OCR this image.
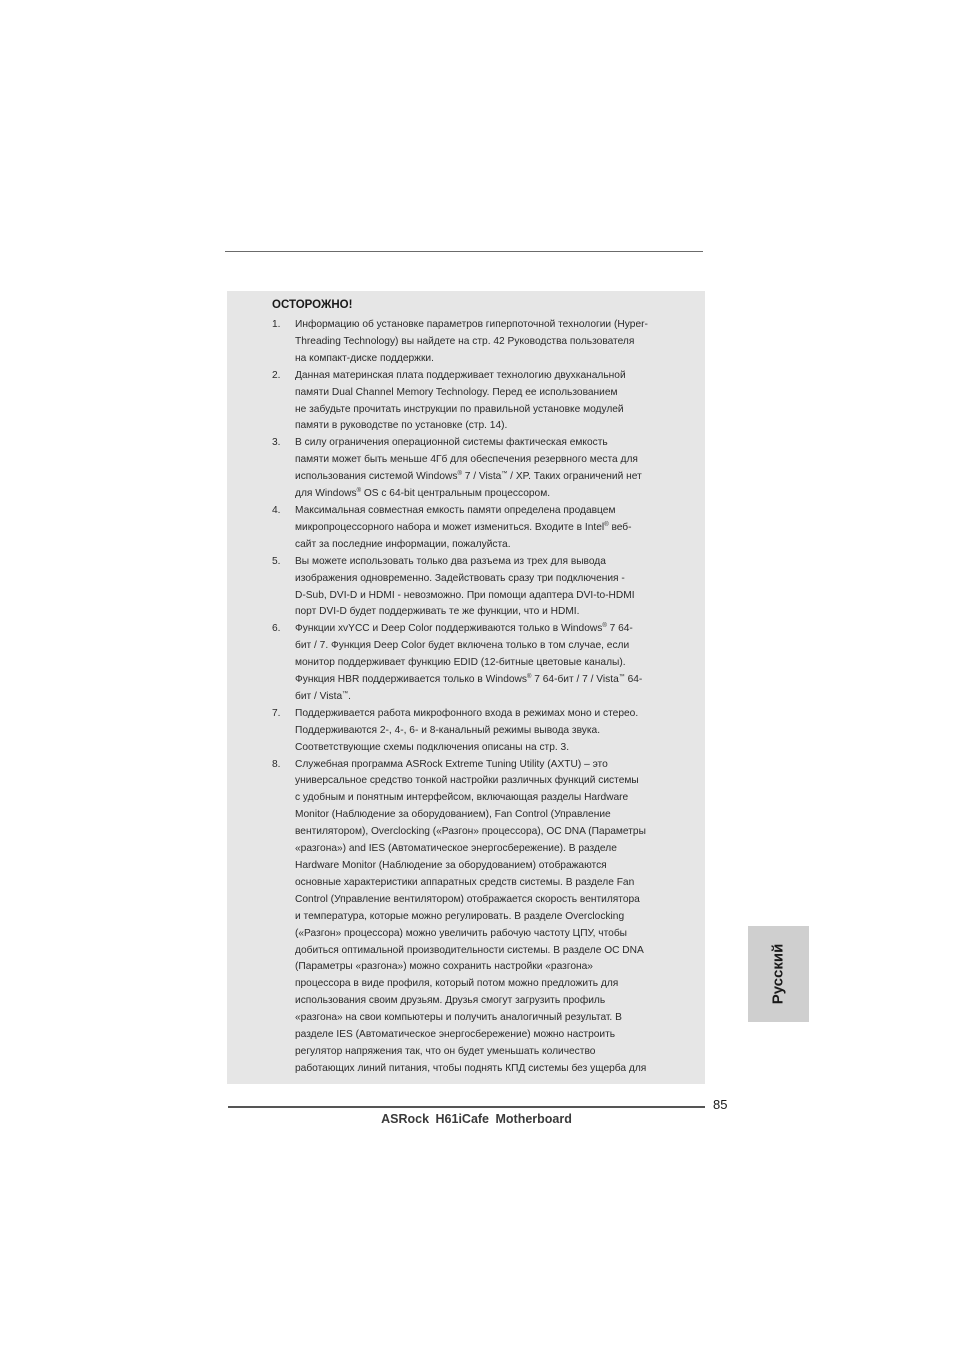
ОСТОРОЖНО!
1. Информацию об установке параметров гиперпоточной технологии (Hyper-
Threading Technology) вы найдете на стр. 42 Руководства пользователя
на компакт-диске поддержки.
2. Данная материнская плата поддерживает технологию двухканальной
памяти Dual Channel Memory Technology. Перед ее использованием
не забудьте прочитать инструкции по правильной установке модулей
памяти в руководстве по установке (стр. 14).
3. В силу ограничения операционной системы фактическая емкость
памяти может быть меньше 4Гб для обеспечения резервного места для
использования системой Windows® 7 / Vista™ / XP. Таких ограничений нет
для Windows® OS с 64-bit центральным процессором.
4. Максимальная совместная емкость памяти определена продавцем
микропроцессорного набора и может измениться. Входите в Intel® веб-
сайт за последние информации, пожалуйста.
5. Вы можете использовать только два разъема из трех для вывода
изображения одновременно. Задействовать сразу три подключения -
D-Sub, DVI-D и HDMI - невозможно. При помощи адаптера DVI-to-HDMI
порт DVI-D будет поддерживать те же функции, что и HDMI.
6. Функции xvYCC и Deep Color поддерживаются только в Windows® 7 64-
бит / 7. Функция Deep Color будет включена только в том случае, если
монитор поддерживает функцию EDID (12-битные цветовые каналы).
Функция HBR поддерживается только в Windows® 7 64-бит / 7 / Vista™ 64-
бит / Vista™.
7. Поддерживается работа микрофонного входа в режимах моно и стерео.
Поддерживаются 2-, 4-, 6- и 8-канальный режимы вывода звука.
Соответствующие схемы подключения описаны на стр. 3.
8. Служебная программа ASRock Extreme Tuning Utility (AXTU) – это
универсальное средство тонкой настройки различных функций системы
с удобным и понятным интерфейсом, включающая разделы Hardware
Monitor (Наблюдение за оборудованием), Fan Control (Управление
вентилятором), Overclocking («Разгон» процессора), OC DNA (Параметры
«разгона») and IES (Автоматическое энергосбережение). В разделе
Hardware Monitor (Наблюдение за оборудованием) отображаются
основные характеристики аппаратных средств системы. В разделе Fan
Control (Управление вентилятором) отображается скорость вентилятора
и температура, которые можно регулировать. В разделе Overclocking
(«Разгон» процессора) можно увеличить рабочую частоту ЦПУ, чтобы
добиться оптимальной производительности системы. В разделе OC DNA
(Параметры «разгона») можно сохранить настройки «разгона»
процессора в виде профиля, который потом можно предложить для
использования своим друзьям. Друзья смогут загрузить профиль
«разгона» на свои компьютеры и получить аналогичный результат. В
разделе IES (Автоматическое энергосбережение) можно настроить
регулятор напряжения так, что он будет уменьшать количество
работающих линий питания, чтобы поднять КПД системы без ущерба для
Русский
85
ASRock H61iCafe Motherboard
